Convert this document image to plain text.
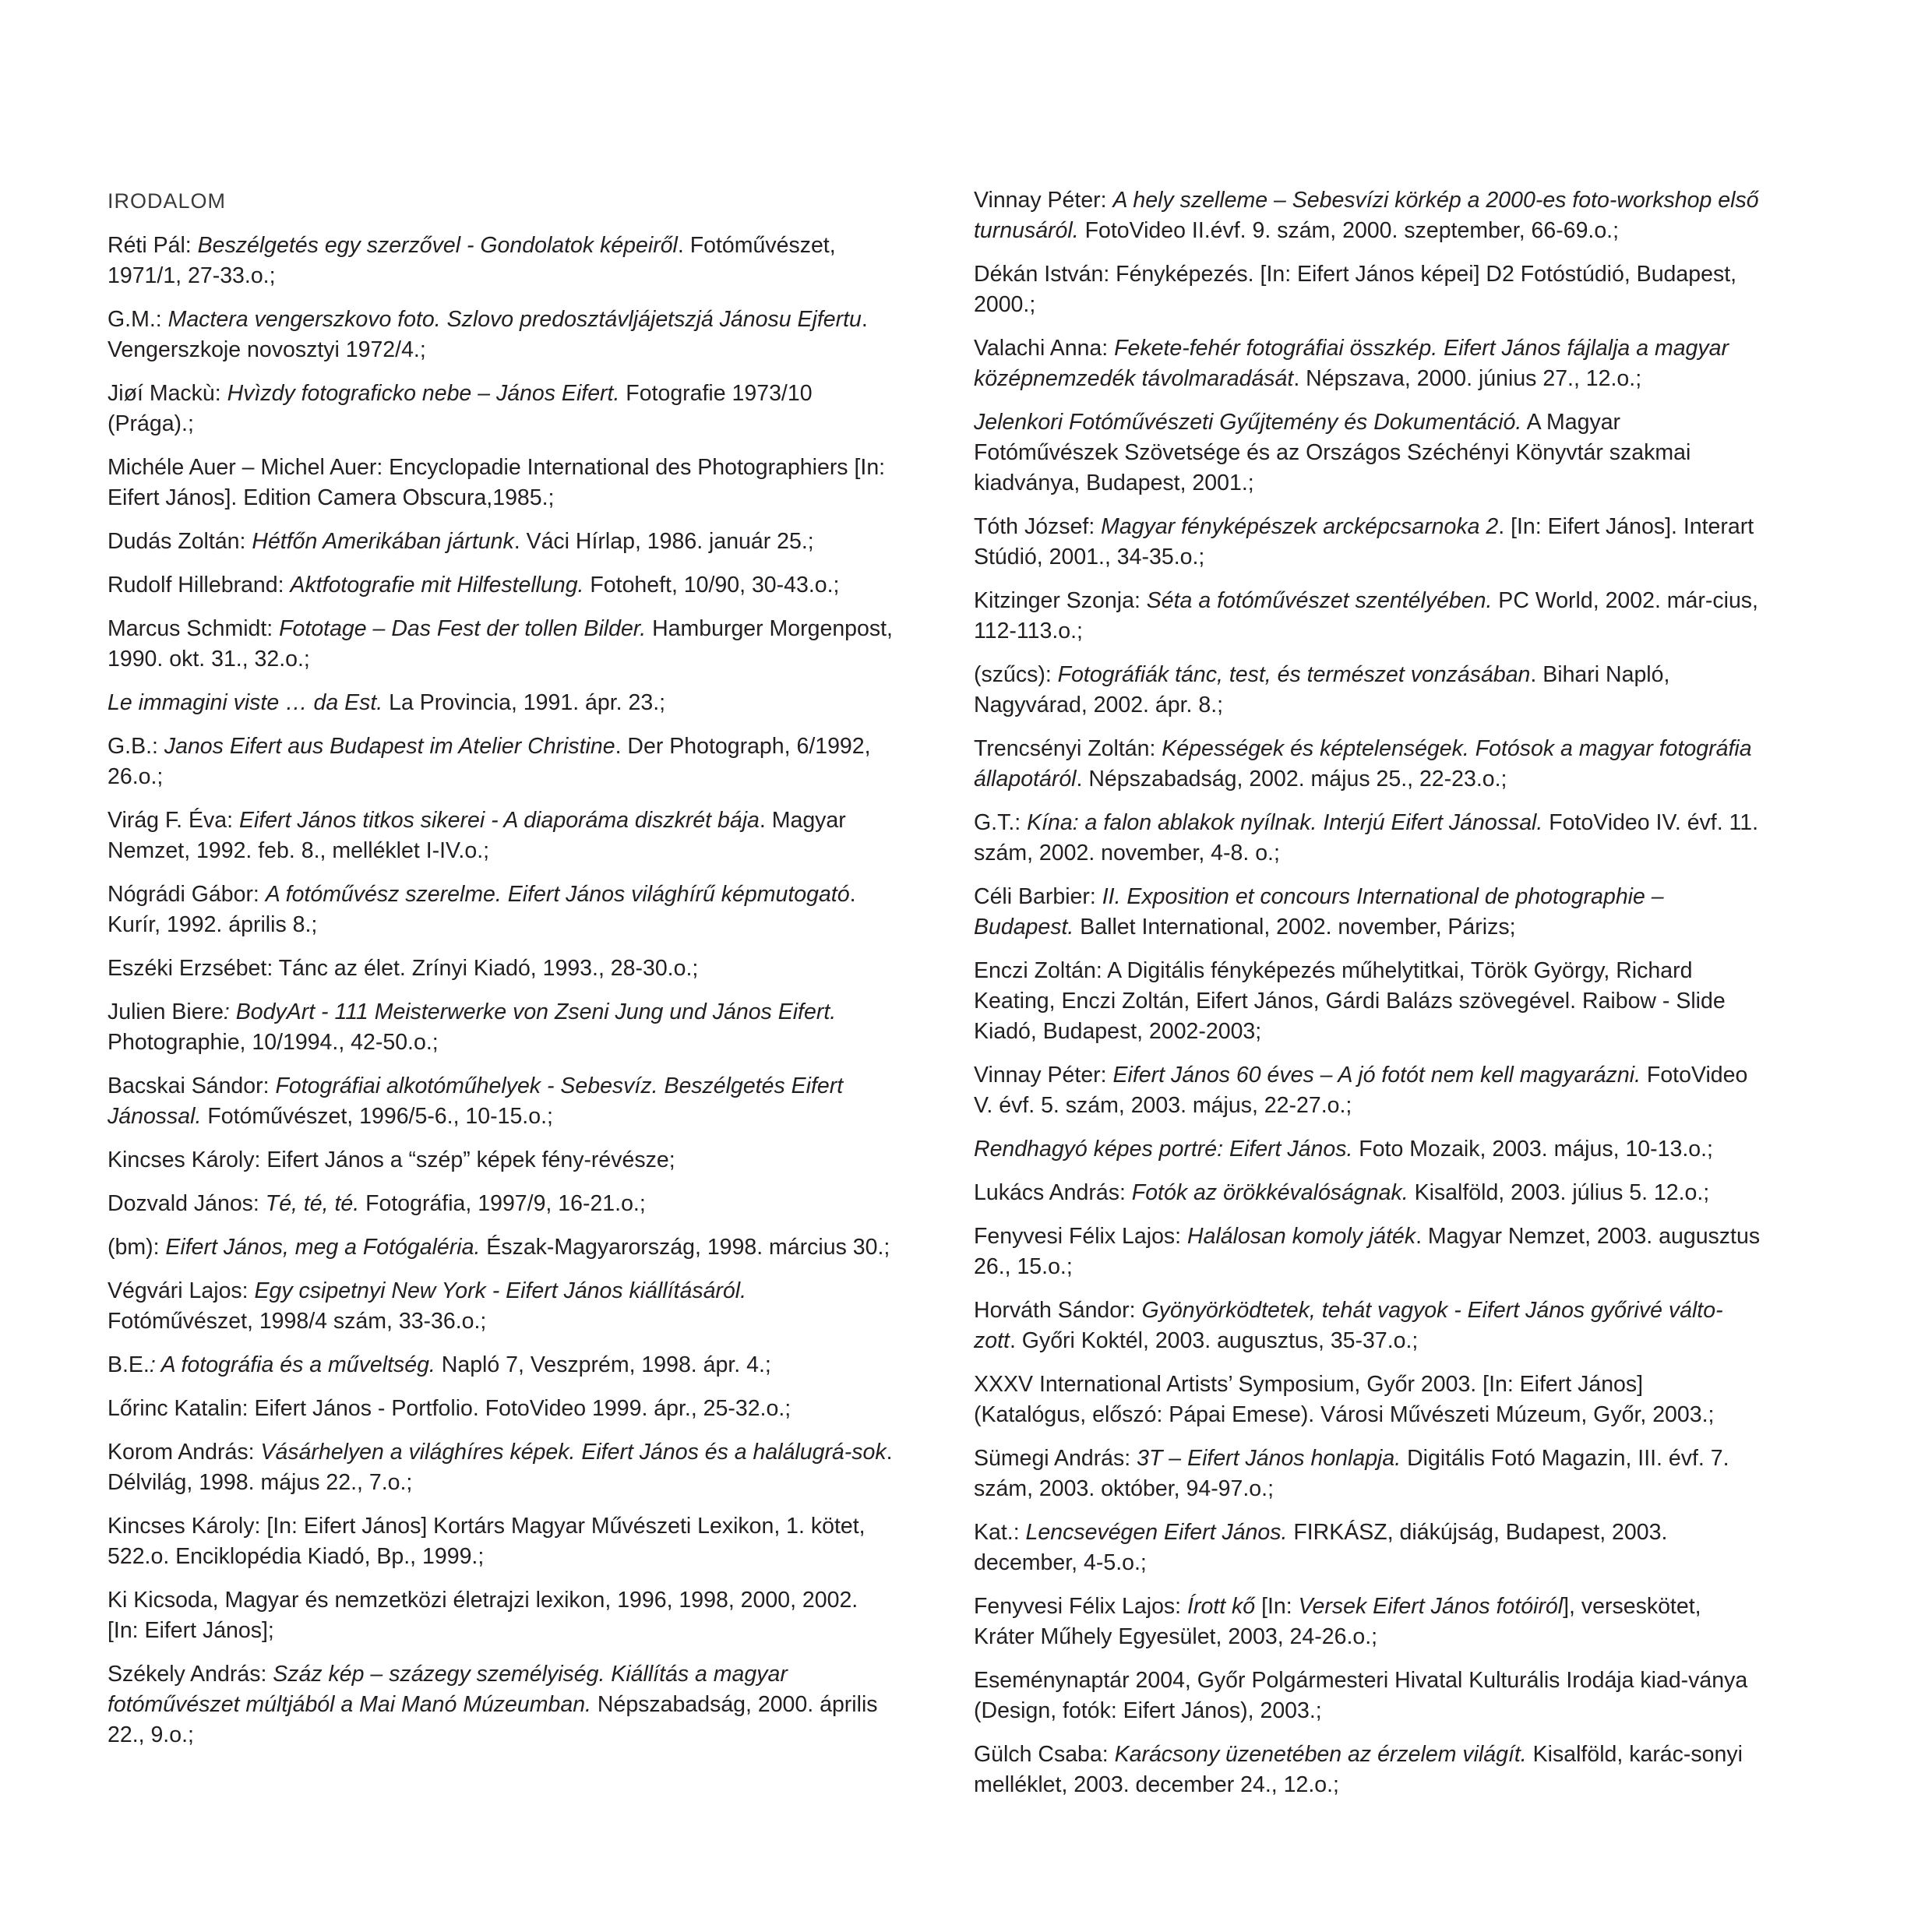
IRODALOM

Réti Pál: Beszélgetés egy szerzővel - Gondolatok képeiről. Fotóművészet, 1971/1, 27-33.o.;

G.M.: Mactera vengerszkovo foto. Szlovo predosztávljájetszjá Jánosu Ejfertu. Vengerszkoje novosztyi 1972/4.;

Jiøí Mackù: Hvìzdy fotograficko nebe – János Eifert. Fotografie 1973/10 (Prága).;

Michéle Auer – Michel Auer: Encyclopadie International des Photographiers [In: Eifert János]. Edition Camera Obscura,1985.;

Dudás Zoltán: Hétfőn Amerikában jártunk. Váci Hírlap, 1986. január 25.;

Rudolf Hillebrand: Aktfotografie mit Hilfestellung. Fotoheft, 10/90, 30-43.o.;

Marcus Schmidt: Fototage – Das Fest der tollen Bilder. Hamburger Morgenpost, 1990. okt. 31., 32.o.;

Le immagini viste … da Est. La Provincia, 1991. ápr. 23.;

G.B.: Janos Eifert aus Budapest im Atelier Christine. Der Photograph, 6/1992, 26.o.;

Virág F. Éva: Eifert János titkos sikerei - A diaporáma diszkrét bája. Magyar Nemzet, 1992. feb. 8., melléklet I-IV.o.;

Nógrádi Gábor: A fotóművész szerelme. Eifert János világhírű képmutogató. Kurír, 1992. április 8.;

Eszéki Erzsébet: Tánc az élet. Zrínyi Kiadó, 1993., 28-30.o.;

Julien Biere: BodyArt - 111 Meisterwerke von Zseni Jung und János Eifert. Photographie, 10/1994., 42-50.o.;

Bacskai Sándor: Fotográfiai alkotóműhelyek - Sebesvíz. Beszélgetés Eifert Jánossal. Fotóművészet, 1996/5-6., 10-15.o.;

Kincses Károly: Eifert János a “szép” képek fény-révésze;

Dozvald János: Té, té, té. Fotográfia, 1997/9, 16-21.o.;

(bm): Eifert János, meg a Fotógaléria. Észak-Magyarország, 1998. március 30.;

Végvári Lajos: Egy csipetnyi New York - Eifert János kiállításáról. Fotóművészet, 1998/4 szám, 33-36.o.;

B.E.: A fotográfia és a műveltség. Napló 7, Veszprém, 1998. ápr. 4.;

Lőrinc Katalin: Eifert János - Portfolio. FotoVideo 1999. ápr., 25-32.o.;

Korom András: Vásárhelyen a világhíres képek. Eifert János és a halálugrá-sok. Délvilág, 1998. május 22., 7.o.;

Kincses Károly: [In: Eifert János] Kortárs Magyar Művészeti Lexikon, 1. kötet, 522.o. Enciklopédia Kiadó, Bp., 1999.;

Ki Kicsoda, Magyar és nemzetközi életrajzi lexikon, 1996, 1998, 2000, 2002. [In: Eifert János];

Székely András: Száz kép – százegy személyiség. Kiállítás a magyar fotóművészet múltjából a Mai Manó Múzeumban. Népszabadság, 2000. április 22., 9.o.;

Vinnay Péter: A hely szelleme – Sebesvízi körkép a 2000-es foto-workshop első turnusáról. FotoVideo II.évf. 9. szám, 2000. szeptember, 66-69.o.;

Dékán István: Fényképezés. [In: Eifert János képei] D2 Fotóstúdió, Budapest, 2000.;

Valachi Anna: Fekete-fehér fotográfiai összkép. Eifert János fájlalja a magyar középnemzedék távolmaradását. Népszava, 2000. június 27., 12.o.;

Jelenkori Fotóművészeti Gyűjtemény és Dokumentáció. A Magyar Fotóművészek Szövetsége és az Országos Széchényi Könyvtár szakmai kiadványa, Budapest, 2001.;

Tóth József: Magyar fényképészek arcképcsarnoka 2. [In: Eifert János]. Interart Stúdió, 2001., 34-35.o.;

Kitzinger Szonja: Séta a fotóművészet szentélyében. PC World, 2002. már-cius, 112-113.o.;

(szűcs): Fotográfiák tánc, test, és természet vonzásában. Bihari Napló, Nagyvárad, 2002. ápr. 8.;

Trencsényi Zoltán: Képességek és képtelenségek. Fotósok a magyar fotográfia állapotáról. Népszabadság, 2002. május 25., 22-23.o.;

G.T.: Kína: a falon ablakok nyílnak. Interjú Eifert Jánossal. FotoVideo IV. évf. 11. szám, 2002. november, 4-8. o.;

Céli Barbier: II. Exposition et concours International de photographie – Budapest. Ballet International, 2002. november, Párizs;

Enczi Zoltán: A Digitális fényképezés műhelytitkai, Török György, Richard Keating, Enczi Zoltán, Eifert János, Gárdi Balázs szövegével. Raibow - Slide Kiadó, Budapest, 2002-2003;

Vinnay Péter: Eifert János 60 éves – A jó fotót nem kell magyarázni. FotoVideo V. évf. 5. szám, 2003. május, 22-27.o.;

Rendhagyó képes portré: Eifert János. Foto Mozaik, 2003. május, 10-13.o.;

Lukács András: Fotók az örökkévalóságnak. Kisalföld, 2003. július 5. 12.o.;

Fenyvesi Félix Lajos: Halálosan komoly játék. Magyar Nemzet, 2003. augusztus 26., 15.o.;

Horváth Sándor: Gyönyörködtetek, tehát vagyok - Eifert János győrivé válto-zott. Győri Koktél, 2003. augusztus, 35-37.o.;

XXXV International Artists’ Symposium, Győr 2003. [In: Eifert János] (Katalógus, előszó: Pápai Emese). Városi Művészeti Múzeum, Győr, 2003.;

Sümegi András: 3T – Eifert János honlapja. Digitális Fotó Magazin, III. évf. 7. szám, 2003. október, 94-97.o.;

Kat.: Lencsevégen Eifert János. FIRKÁSZ, diákújság, Budapest, 2003. december, 4-5.o.;

Fenyvesi Félix Lajos: Írott kő [In: Versek Eifert János fotóiról], verseskötet, Kráter Műhely Egyesület, 2003, 24-26.o.;

Eseménynaptár 2004, Győr Polgármesteri Hivatal Kulturális Irodája kiad-ványa (Design, fotók: Eifert János), 2003.;

Gülch Csaba: Karácsony üzenetében az érzelem világít. Kisalföld, karác-sonyi melléklet, 2003. december 24., 12.o.;
